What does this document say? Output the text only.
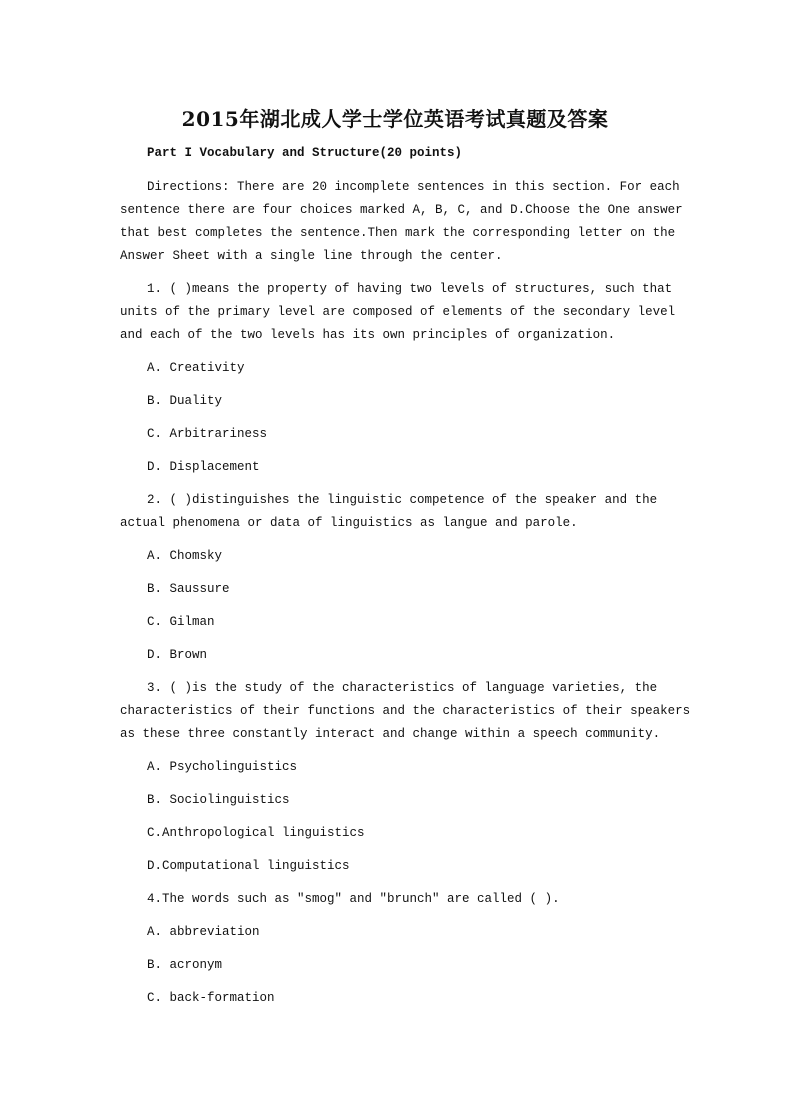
2015年湖北成人学士学位英语考试真题及答案
Part I Vocabulary and Structure(20 points)
Directions: There are 20 incomplete sentences in this section. For each
sentence there are four choices marked A, B, C, and D.Choose the One answer
that best completes the sentence.Then mark the corresponding letter on the
Answer Sheet with a single line through the center.
1. ( )means the property of having two levels of structures, such that
units of the primary level are composed of elements of the secondary level
and each of the two levels has its own principles of organization.
A. Creativity
B. Duality
C. Arbitrariness
D. Displacement
2. ( )distinguishes the linguistic competence of the speaker and the
actual phenomena or data of linguistics as langue and parole.
A. Chomsky
B. Saussure
C. Gilman
D. Brown
3. ( )is the study of the characteristics of language varieties, the
characteristics of their functions and the characteristics of their speakers
as these three constantly interact and change within a speech community.
A. Psycholinguistics
B. Sociolinguistics
C.Anthropological linguistics
D.Computational linguistics
4.The words such as ″smog″ and ″brunch″ are called ( ).
A. abbreviation
B. acronym
C. back-formation
